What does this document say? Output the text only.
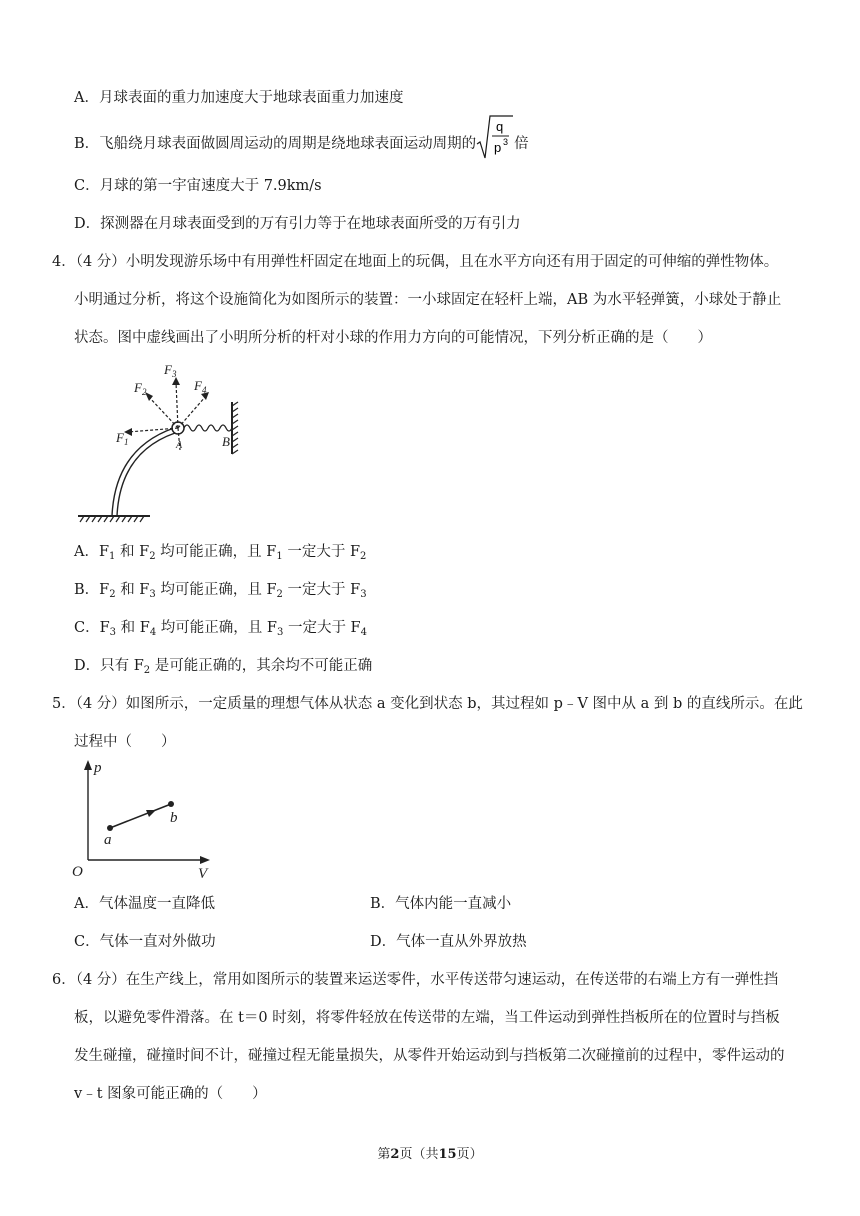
A．月球表面的重力加速度大于地球表面重力加速度
B．飞船绕月球表面做圆周运动的周期是绕地球表面运动周期的
q
p 3 倍
C．月球的第一宇宙速度大于 7.9km/s
D．探测器在月球表面受到的万有引力等于在地球表面所受的万有引力
4．（4 分）小明发现游乐场中有用弹性杆固定在地面上的玩偶，且在水平方向还有用于固定的可伸缩的弹性物体。
小明通过分析，将这个设施简化为如图所示的装置：一小球固定在轻杆上端，AB 为水平轻弹簧，小球处于静止
状态。图中虚线画出了小明所分析的杆对小球的作用力方向的可能情况，下列分析正确的是（　　）
$F_1$
$F_2$
$F_3$
$F_4$
A	B
A．$F_1$ 和 $F_2$ 均可能正确，且 $F_1$ 一定大于 $F_2$
B．$F_2$ 和 $F_3$ 均可能正确，且 $F_2$ 一定大于 $F_3$
C．$F_3$ 和 $F_4$ 均可能正确，且 $F_3$ 一定大于 $F_4$
D．只有 $F_2$ 是可能正确的，其余均不可能正确
5．（4 分）如图所示，一定质量的理想气体从状态 a 变化到状态 b，其过程如 p﹣V 图中从 a 到 b 的直线所示。在此
过程中（　　）
p
V
O
a
b
A．气体温度一直降低	B．气体内能一直减小
C．气体一直对外做功	D．气体一直从外界放热
6．（4 分）在生产线上，常用如图所示的装置来运送零件，水平传送带匀速运动，在传送带的右端上方有一弹性挡
板，以避免零件滑落。在 t＝0 时刻，将零件轻放在传送带的左端，当工件运动到弹性挡板所在的位置时与挡板
发生碰撞，碰撞时间不计，碰撞过程无能量损失，从零件开始运动到与挡板第二次碰撞前的过程中，零件运动的
v﹣t 图象可能正确的（　　）
第2页（共15页）
